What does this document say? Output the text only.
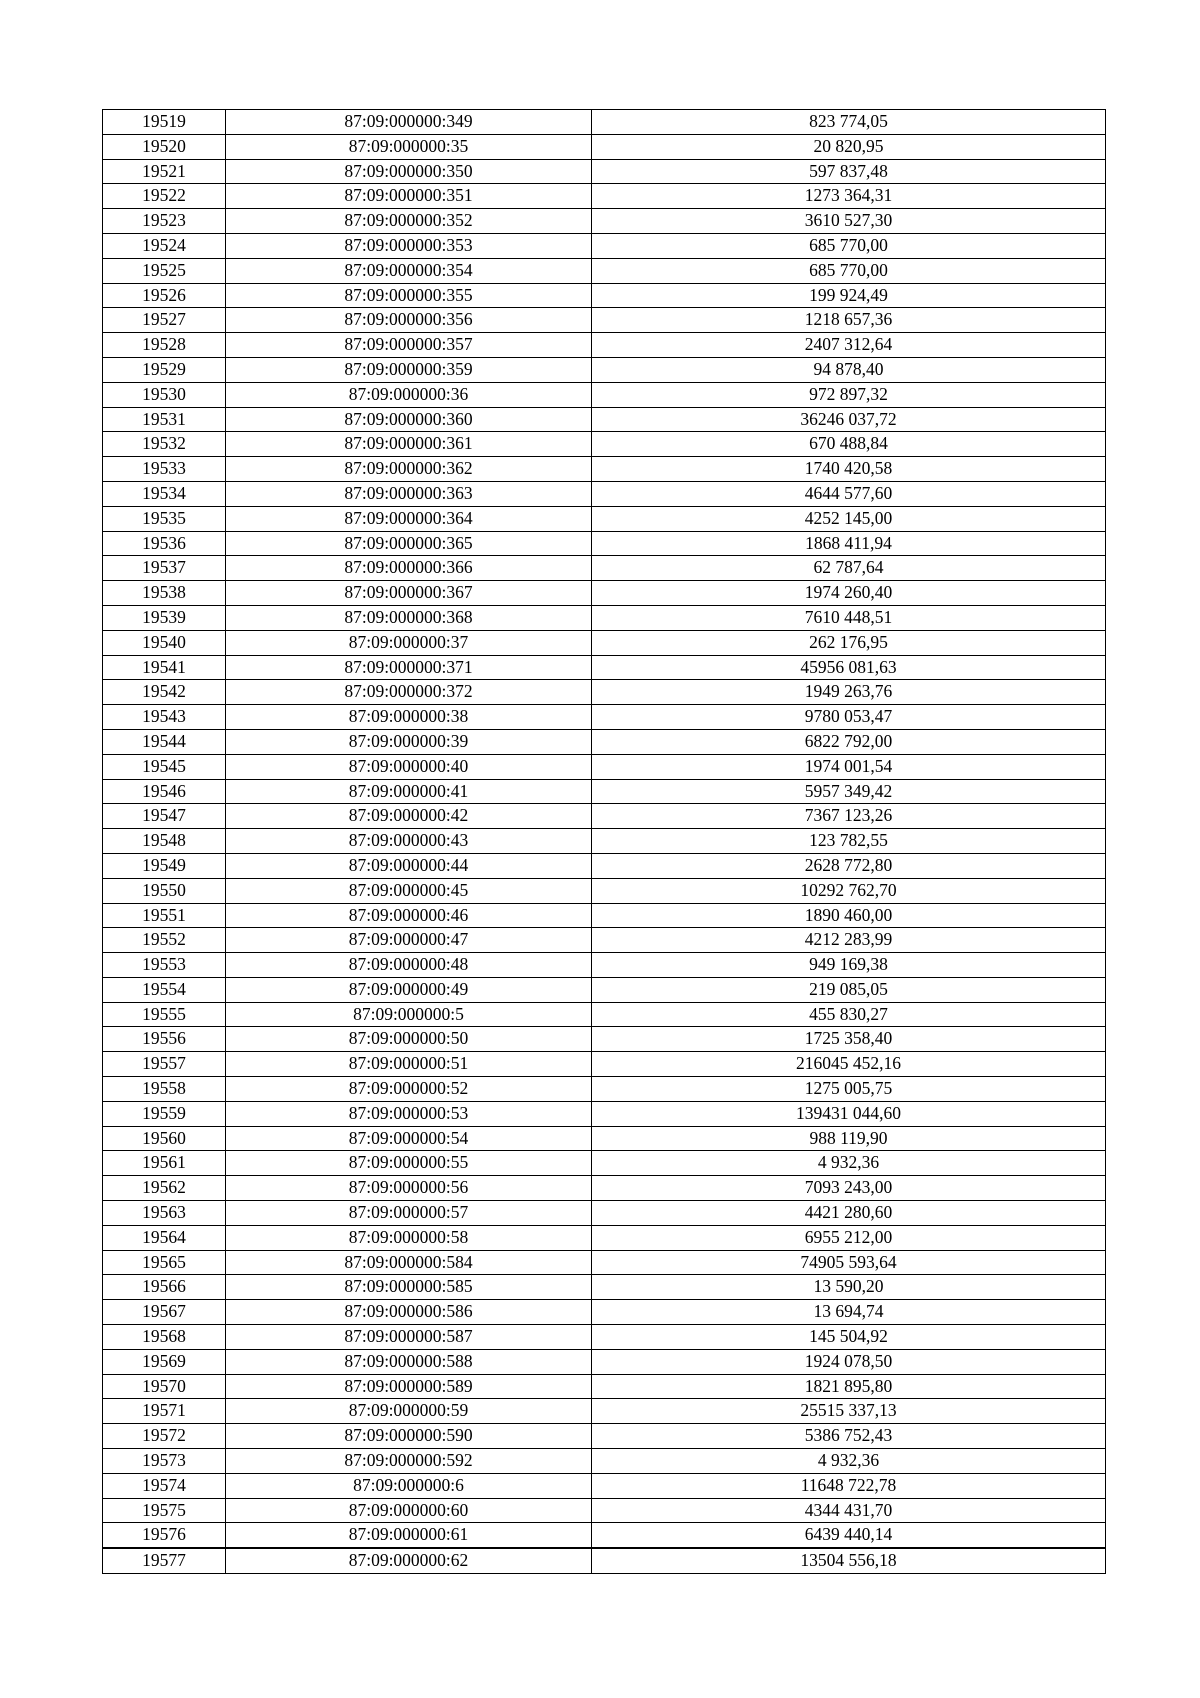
19519	87:09:000000:349	823 774,05
19520	87:09:000000:35	20 820,95
19521	87:09:000000:350	597 837,48
19522	87:09:000000:351	1273 364,31
19523	87:09:000000:352	3610 527,30
19524	87:09:000000:353	685 770,00
19525	87:09:000000:354	685 770,00
19526	87:09:000000:355	199 924,49
19527	87:09:000000:356	1218 657,36
19528	87:09:000000:357	2407 312,64
19529	87:09:000000:359	94 878,40
19530	87:09:000000:36	972 897,32
19531	87:09:000000:360	36246 037,72
19532	87:09:000000:361	670 488,84
19533	87:09:000000:362	1740 420,58
19534	87:09:000000:363	4644 577,60
19535	87:09:000000:364	4252 145,00
19536	87:09:000000:365	1868 411,94
19537	87:09:000000:366	62 787,64
19538	87:09:000000:367	1974 260,40
19539	87:09:000000:368	7610 448,51
19540	87:09:000000:37	262 176,95
19541	87:09:000000:371	45956 081,63
19542	87:09:000000:372	1949 263,76
19543	87:09:000000:38	9780 053,47
19544	87:09:000000:39	6822 792,00
19545	87:09:000000:40	1974 001,54
19546	87:09:000000:41	5957 349,42
19547	87:09:000000:42	7367 123,26
19548	87:09:000000:43	123 782,55
19549	87:09:000000:44	2628 772,80
19550	87:09:000000:45	10292 762,70
19551	87:09:000000:46	1890 460,00
19552	87:09:000000:47	4212 283,99
19553	87:09:000000:48	949 169,38
19554	87:09:000000:49	219 085,05
19555	87:09:000000:5	455 830,27
19556	87:09:000000:50	1725 358,40
19557	87:09:000000:51	216045 452,16
19558	87:09:000000:52	1275 005,75
19559	87:09:000000:53	139431 044,60
19560	87:09:000000:54	988 119,90
19561	87:09:000000:55	4 932,36
19562	87:09:000000:56	7093 243,00
19563	87:09:000000:57	4421 280,60
19564	87:09:000000:58	6955 212,00
19565	87:09:000000:584	74905 593,64
19566	87:09:000000:585	13 590,20
19567	87:09:000000:586	13 694,74
19568	87:09:000000:587	145 504,92
19569	87:09:000000:588	1924 078,50
19570	87:09:000000:589	1821 895,80
19571	87:09:000000:59	25515 337,13
19572	87:09:000000:590	5386 752,43
19573	87:09:000000:592	4 932,36
19574	87:09:000000:6	11648 722,78
19575	87:09:000000:60	4344 431,70
19576	87:09:000000:61	6439 440,14
19577	87:09:000000:62	13504 556,18
